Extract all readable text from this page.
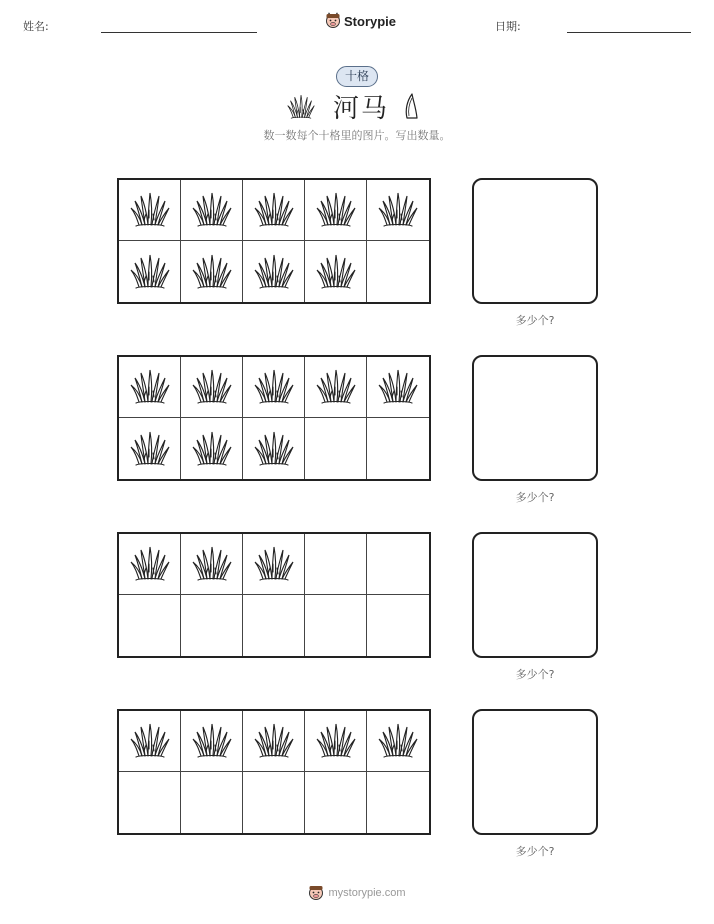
姓名:	Storypie	日期:
十格
河马
数一数每个十格里的图片。写出数量。
多少个?
多少个?
多少个?
多少个?
mystorypie.com
